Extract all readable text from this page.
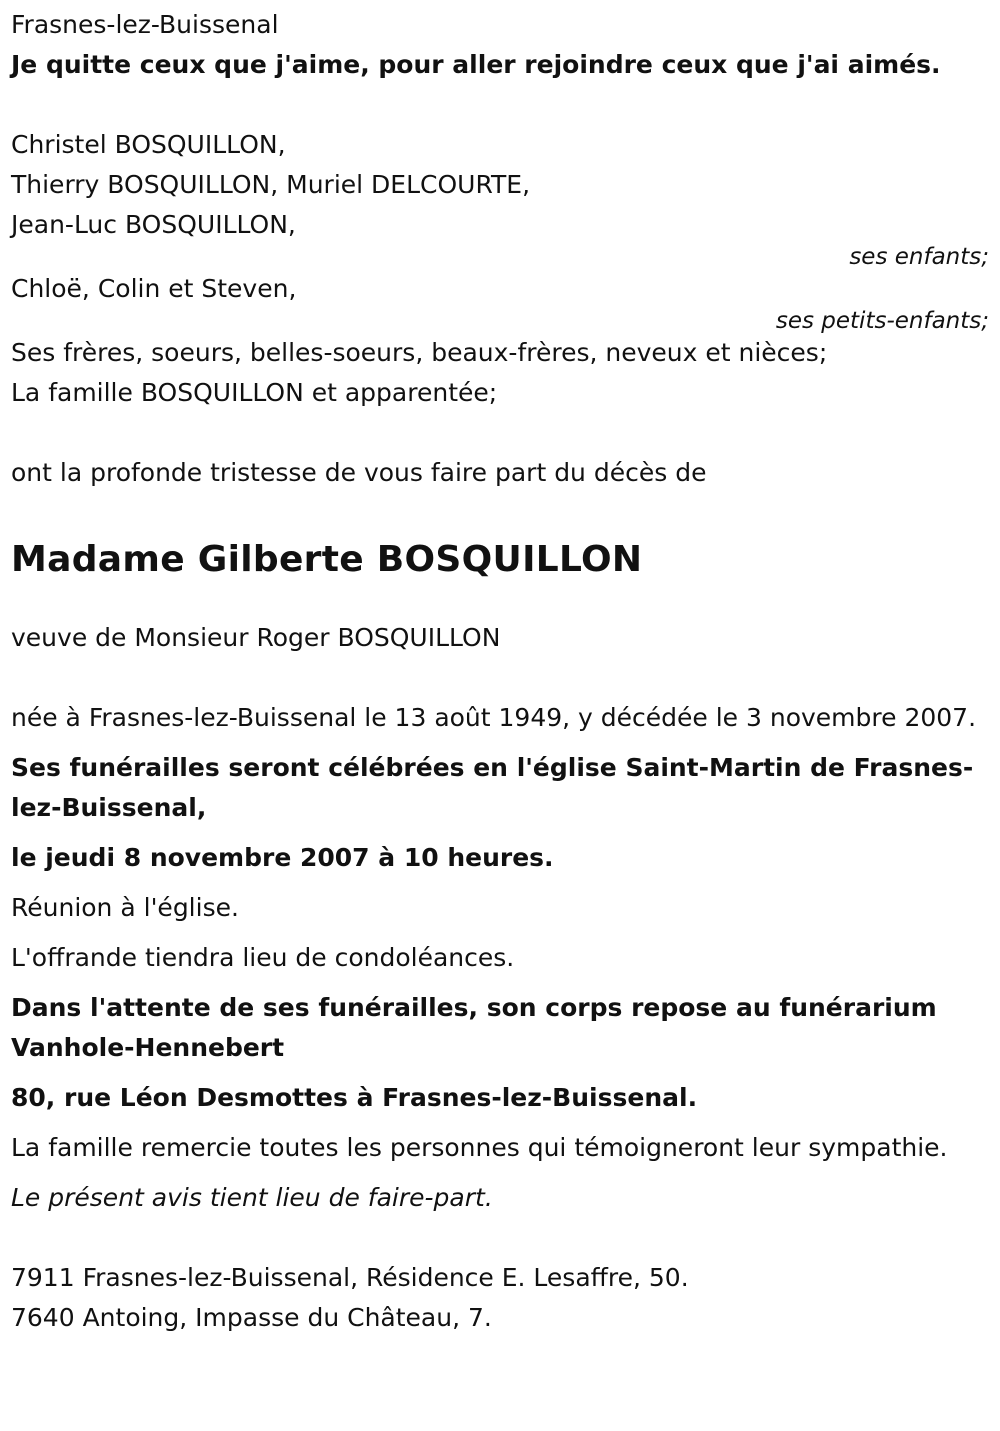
Frasnes-lez-Buissenal
Je quitte ceux que j'aime, pour aller rejoindre ceux que j'ai aimés.
Christel BOSQUILLON,
Thierry BOSQUILLON, Muriel DELCOURTE,
Jean-Luc BOSQUILLON,
ses enfants;
Chloë, Colin et Steven,
ses petits-enfants;
Ses frères, soeurs, belles-soeurs, beaux-frères, neveux et nièces;
La famille BOSQUILLON et apparentée;
ont la profonde tristesse de vous faire part du décès de
Madame Gilberte BOSQUILLON
veuve de Monsieur Roger BOSQUILLON
née à Frasnes-lez-Buissenal le 13 août 1949, y décédée le 3 novembre 2007.
Ses funérailles seront célébrées en l'église Saint-Martin de Frasnes-lez-Buissenal,
le jeudi 8 novembre 2007 à 10 heures.
Réunion à l'église.
L'offrande tiendra lieu de condoléances.
Dans l'attente de ses funérailles, son corps repose au funérarium Vanhole-Hennebert
80, rue Léon Desmottes à Frasnes-lez-Buissenal.
La famille remercie toutes les personnes qui témoigneront leur sympathie.
Le présent avis tient lieu de faire-part.
7911 Frasnes-lez-Buissenal, Résidence E. Lesaffre, 50.
7640 Antoing, Impasse du Château, 7.
